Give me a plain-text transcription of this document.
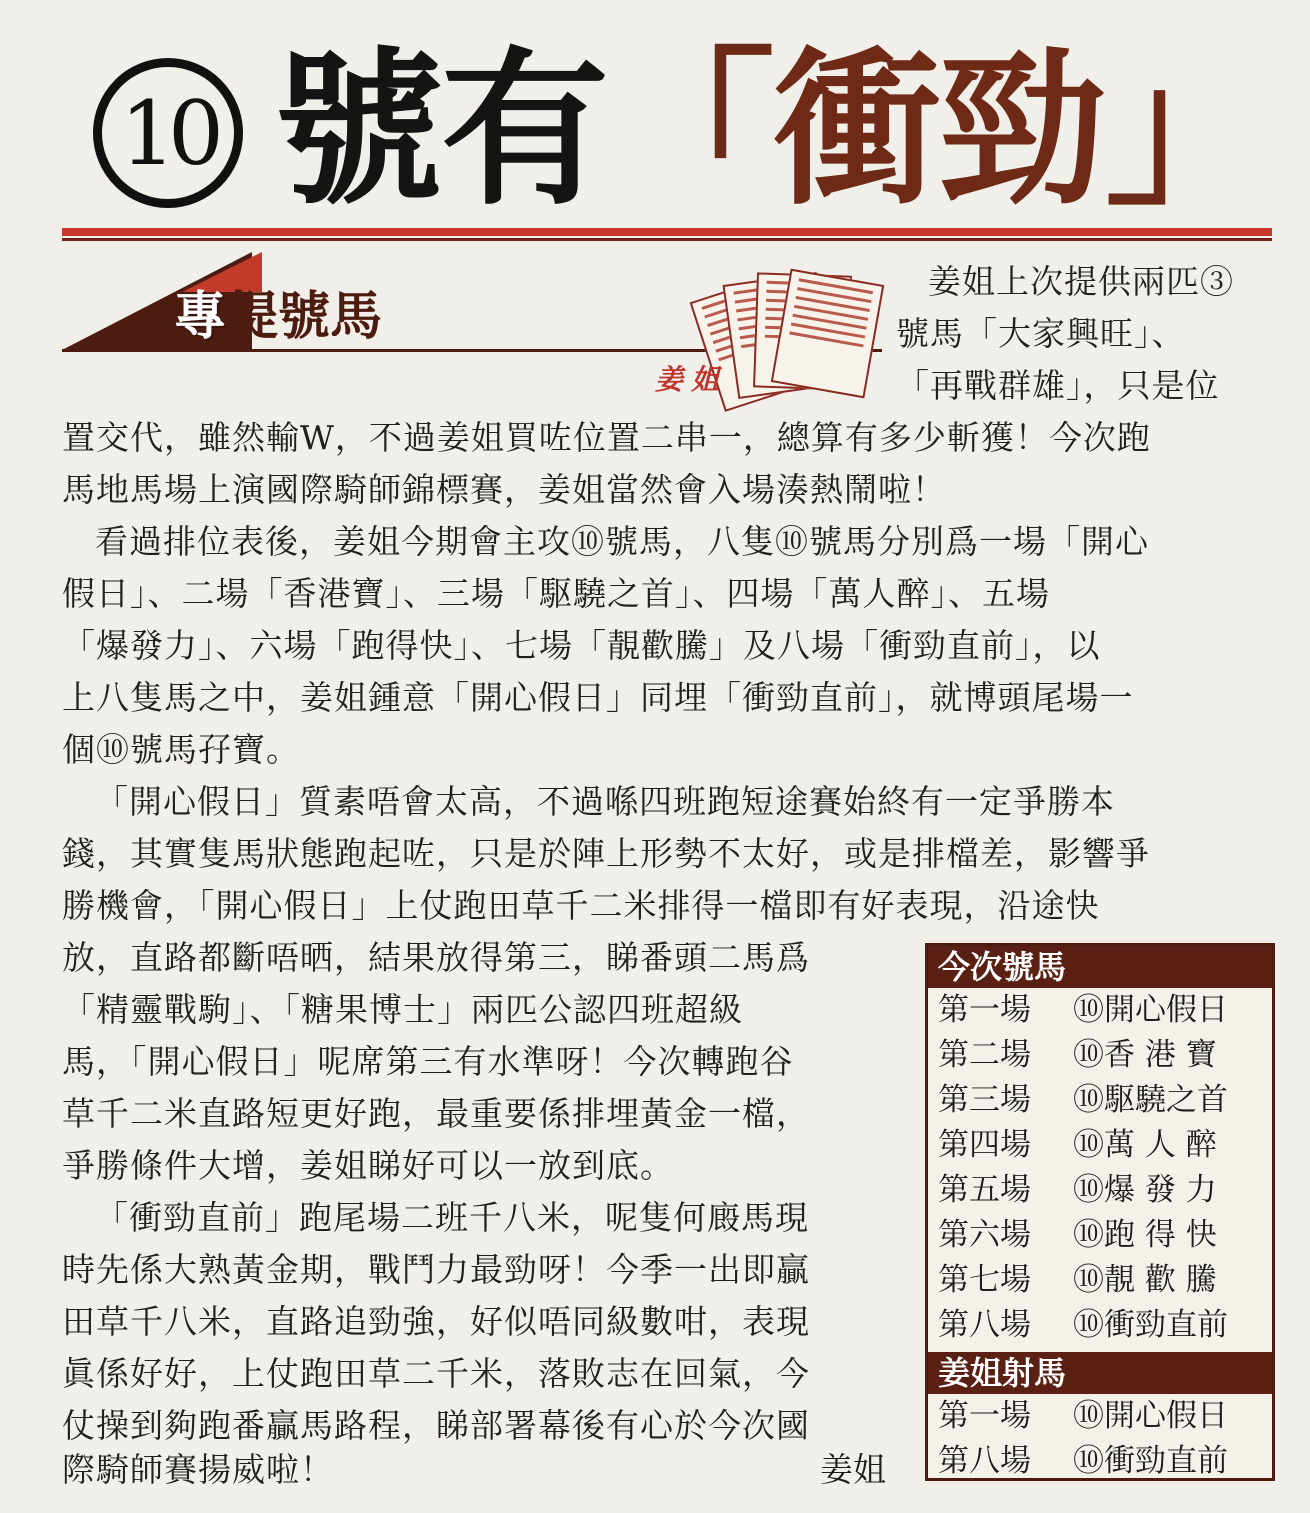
10 號有「衝勁」
專提號馬
姜姐
姜姐上次提供兩匹③
號馬「大家興旺」、
「再戰群雄」，只是位
置交代，雖然輸W，不過姜姐買咗位置二串一，總算有多少斬獲！今次跑
馬地馬場上演國際騎師錦標賽，姜姐當然會入場湊熱鬧啦！
看過排位表後，姜姐今期會主攻⑩號馬，八隻⑩號馬分別爲一場「開心
假日」、二場「香港寶」、三場「駆驍之首」、四場「萬人醉」、五場
「爆發力」、六場「跑得快」、七場「靚歡騰」及八場「衝勁直前」，以
上八隻馬之中，姜姐鍾意「開心假日」同埋「衝勁直前」，就博頭尾場一
個⑩號馬孖寶。
「開心假日」質素唔會太高，不過喺四班跑短途賽始終有一定爭勝本
錢，其實隻馬狀態跑起咗，只是於陣上形勢不太好，或是排檔差，影響爭
勝機會，「開心假日」上仗跑田草千二米排得一檔即有好表現，沿途快
放，直路都斷唔晒，結果放得第三，睇番頭二馬爲
「精靈戰駒」、「糖果博士」兩匹公認四班超級
馬，「開心假日」呢席第三有水準呀！今次轉跑谷
草千二米直路短更好跑，最重要係排埋黃金一檔，
爭勝條件大增，姜姐睇好可以一放到底。
「衝勁直前」跑尾場二班千八米，呢隻何廄馬現
時先係大熟黃金期，戰鬥力最勁呀！今季一出即贏
田草千八米，直路追勁強，好似唔同級數咁，表現
眞係好好，上仗跑田草二千米，落敗志在回氣，今
仗操到夠跑番贏馬路程，睇部署幕後有心於今次國
際騎師賽揚威啦！	姜姐
今次號馬
第一場	⑩開心假日
第二場	⑩香 港 寶
第三場	⑩駆驍之首
第四場	⑩萬 人 醉
第五場	⑩爆 發 力
第六場	⑩跑 得 快
第七場	⑩靚 歡 騰
第八場	⑩衝勁直前
姜姐射馬
第一場	⑩開心假日
第八場	⑩衝勁直前
